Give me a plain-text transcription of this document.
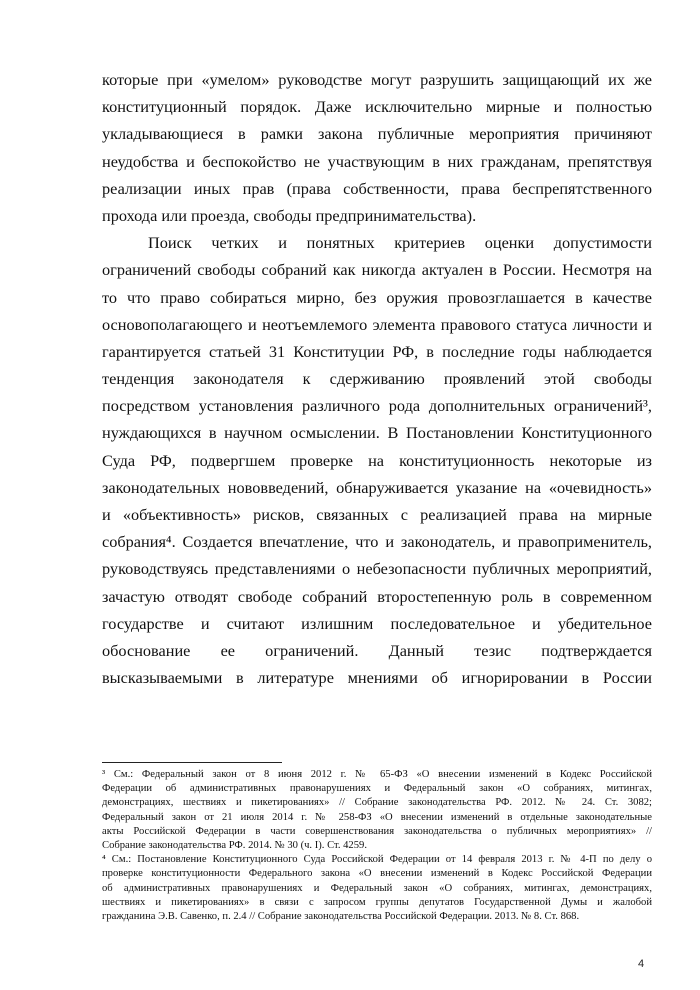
которые при «умелом» руководстве могут разрушить защищающий их же
конституционный порядок. Даже исключительно мирные и полностью
укладывающиеся в рамки закона публичные мероприятия причиняют
неудобства и беспокойство не участвующим в них гражданам, препятствуя
реализации иных прав (права собственности, права беспрепятственного
прохода или проезда, свободы предпринимательства).
Поиск четких и понятных критериев оценки допустимости
ограничений свободы собраний как никогда актуален в России. Несмотря на
то что право собираться мирно, без оружия провозглашается в качестве
основополагающего и неотъемлемого элемента правового статуса личности и
гарантируется статьей 31 Конституции РФ, в последние годы наблюдается
тенденция законодателя к сдерживанию проявлений этой свободы
посредством установления различного рода дополнительных ограничений³,
нуждающихся в научном осмыслении. В Постановлении Конституционного
Суда РФ, подвергшем проверке на конституционность некоторые из
законодательных нововведений, обнаруживается указание на «очевидность»
и «объективность» рисков, связанных с реализацией права на мирные
собрания⁴. Создается впечатление, что и законодатель, и правоприменитель,
руководствуясь представлениями о небезопасности публичных мероприятий,
зачастую отводят свободе собраний второстепенную роль в современном
государстве и считают излишним последовательное и убедительное
обоснование ее ограничений. Данный тезис подтверждается
высказываемыми в литературе мнениями об игнорировании в России
³ См.: Федеральный закон от 8 июня 2012 г. № 65-ФЗ «О внесении изменений в Кодекс Российской
Федерации об административных правонарушениях и Федеральный закон «О собраниях, митингах,
демонстрациях, шествиях и пикетированиях» // Собрание законодательства РФ. 2012. № 24. Ст. 3082;
Федеральный закон от 21 июля 2014 г. № 258-ФЗ «О внесении изменений в отдельные законодательные
акты Российской Федерации в части совершенствования законодательства о публичных мероприятиях» //
Собрание законодательства РФ. 2014. № 30 (ч. I). Ст. 4259.
⁴ См.: Постановление Конституционного Суда Российской Федерации от 14 февраля 2013 г. № 4-П по делу о
проверке конституционности Федерального закона «О внесении изменений в Кодекс Российской Федерации
об административных правонарушениях и Федеральный закон «О собраниях, митингах, демонстрациях,
шествиях и пикетированиях» в связи с запросом группы депутатов Государственной Думы и жалобой
гражданина Э.В. Савенко, п. 2.4 // Собрание законодательства Российской Федерации. 2013. № 8. Ст. 868.
4
